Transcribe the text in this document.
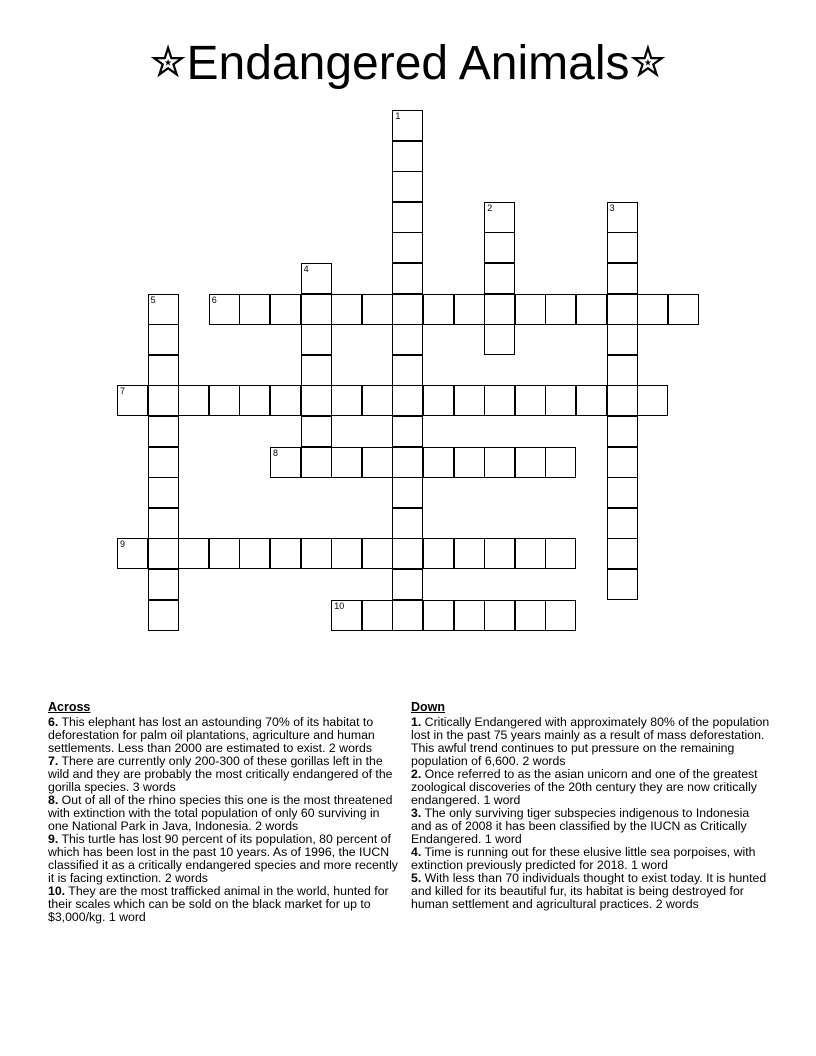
✮Endangered Animals✮
1
2	3
4
5	6
7
8
9
10
Across

6. This elephant has lost an astounding 70% of its habitat to deforestation for palm oil plantations, agriculture and human settlements. Less than 2000 are estimated to exist. 2 words

7. There are currently only 200-300 of these gorillas left in the wild and they are probably the most critically endangered of the gorilla species. 3 words

8. Out of all of the rhino species this one is the most threatened with extinction with the total population of only 60 surviving in one National Park in Java, Indonesia. 2 words

9. This turtle has lost 90 percent of its population, 80 percent of which has been lost in the past 10 years. As of 1996, the IUCN classified it as a critically endangered species and more recently it is facing extinction. 2 words

10. They are the most trafficked animal in the world, hunted for their scales which can be sold on the black market for up to $3,000/kg. 1 word

Down

1. Critically Endangered with approximately 80% of the population lost in the past 75 years mainly as a result of mass deforestation. This awful trend continues to put pressure on the remaining population of 6,600. 2 words

2. Once referred to as the asian unicorn and one of the greatest zoological discoveries of the 20th century they are now critically endangered. 1 word

3. The only surviving tiger subspecies indigenous to Indonesia and as of 2008 it has been classified by the IUCN as Critically Endangered. 1 word

4. Time is running out for these elusive little sea porpoises, with extinction previously predicted for 2018. 1 word

5. With less than 70 individuals thought to exist today. It is hunted and killed for its beautiful fur, its habitat is being destroyed for human settlement and agricultural practices. 2 words
